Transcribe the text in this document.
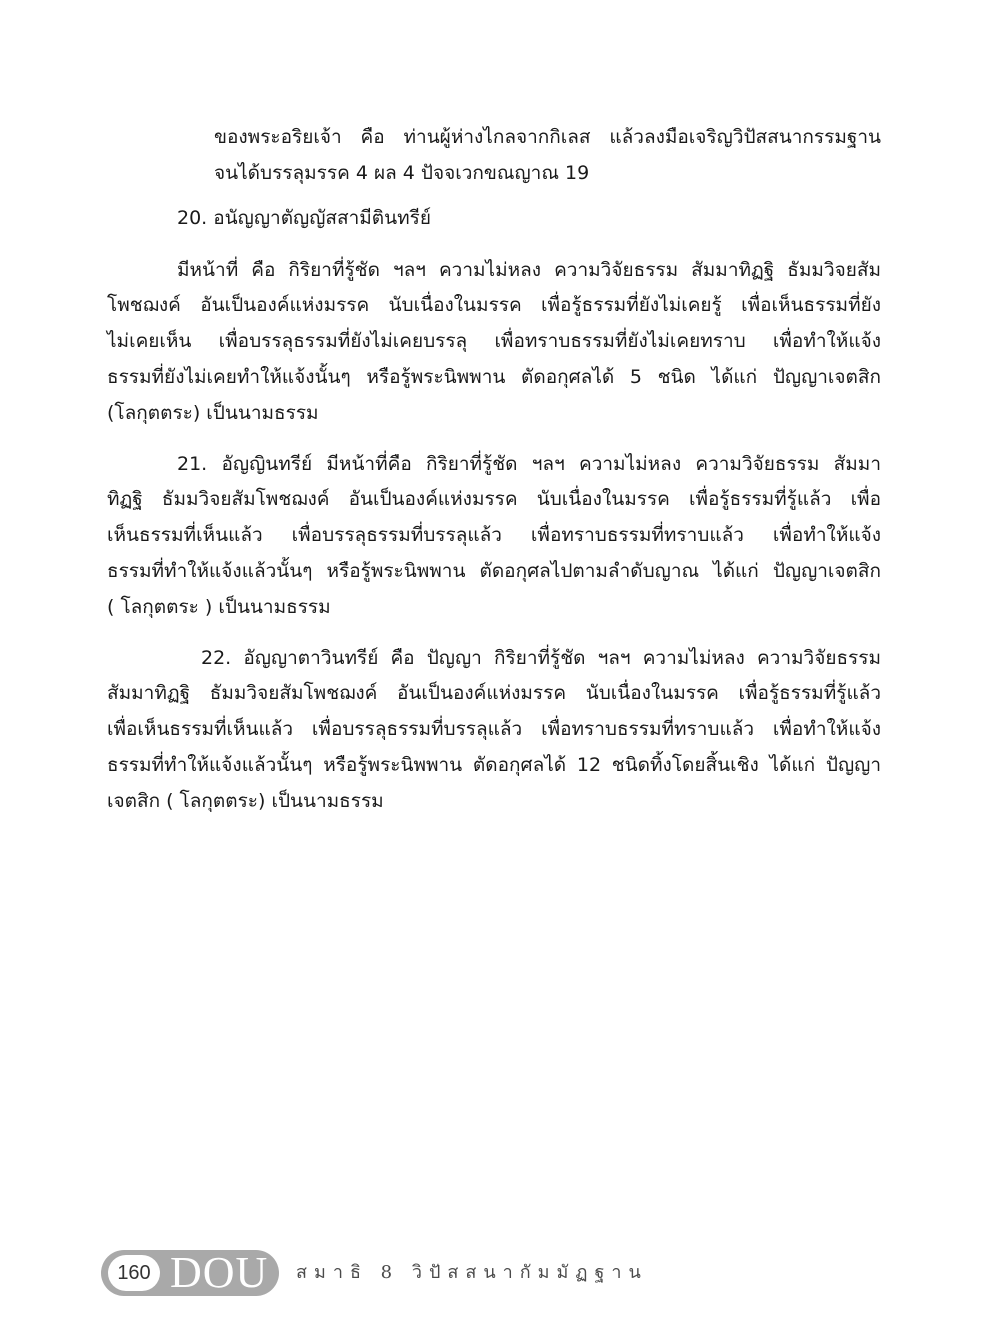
ของพระอริยเจ้า คือ ท่านผู้ห่างไกลจากกิเลส แล้วลงมือเจริญวิปัสสนากรรมฐาน
จนได้บรรลุมรรค 4 ผล 4 ปัจจเวกขณญาณ 19
20. อนัญญาตัญญัสสามีตินทรีย์
มีหน้าที่ คือ กิริยาที่รู้ชัด ฯลฯ ความไม่หลง ความวิจัยธรรม สัมมาทิฏฐิ ธัมมวิจยสัม
โพชฌงค์ อันเป็นองค์แห่งมรรค นับเนื่องในมรรค เพื่อรู้ธรรมที่ยังไม่เคยรู้ เพื่อเห็นธรรมที่ยัง
ไม่เคยเห็น เพื่อบรรลุธรรมที่ยังไม่เคยบรรลุ เพื่อทราบธรรมที่ยังไม่เคยทราบ เพื่อทำให้แจ้ง
ธรรมที่ยังไม่เคยทำให้แจ้งนั้นๆ หรือรู้พระนิพพาน ตัดอกุศลได้ 5 ชนิด ได้แก่ ปัญญาเจตสิก
(โลกุตตระ) เป็นนามธรรม
21. อัญญินทรีย์ มีหน้าที่คือ กิริยาที่รู้ชัด ฯลฯ ความไม่หลง ความวิจัยธรรม สัมมา
ทิฏฐิ ธัมมวิจยสัมโพชฌงค์ อันเป็นองค์แห่งมรรค นับเนื่องในมรรค เพื่อรู้ธรรมที่รู้แล้ว เพื่อ
เห็นธรรมที่เห็นแล้ว เพื่อบรรลุธรรมที่บรรลุแล้ว เพื่อทราบธรรมที่ทราบแล้ว เพื่อทำให้แจ้ง
ธรรมที่ทำให้แจ้งแล้วนั้นๆ หรือรู้พระนิพพาน ตัดอกุศลไปตามลำดับญาณ ได้แก่ ปัญญาเจตสิก
( โลกุตตระ ) เป็นนามธรรม
22. อัญญาตาวินทรีย์ คือ ปัญญา กิริยาที่รู้ชัด ฯลฯ ความไม่หลง ความวิจัยธรรม
สัมมาทิฏฐิ ธัมมวิจยสัมโพชฌงค์ อันเป็นองค์แห่งมรรค นับเนื่องในมรรค เพื่อรู้ธรรมที่รู้แล้ว
เพื่อเห็นธรรมที่เห็นแล้ว เพื่อบรรลุธรรมที่บรรลุแล้ว เพื่อทราบธรรมที่ทราบแล้ว เพื่อทำให้แจ้ง
ธรรมที่ทำให้แจ้งแล้วนั้นๆ หรือรู้พระนิพพาน ตัดอกุศลได้ 12 ชนิดทิ้งโดยสิ้นเชิง ได้แก่ ปัญญา
เจตสิก ( โลกุตตระ) เป็นนามธรรม
160 DOU สมาธิ 8 วิปัสสนากัมมัฏฐาน
